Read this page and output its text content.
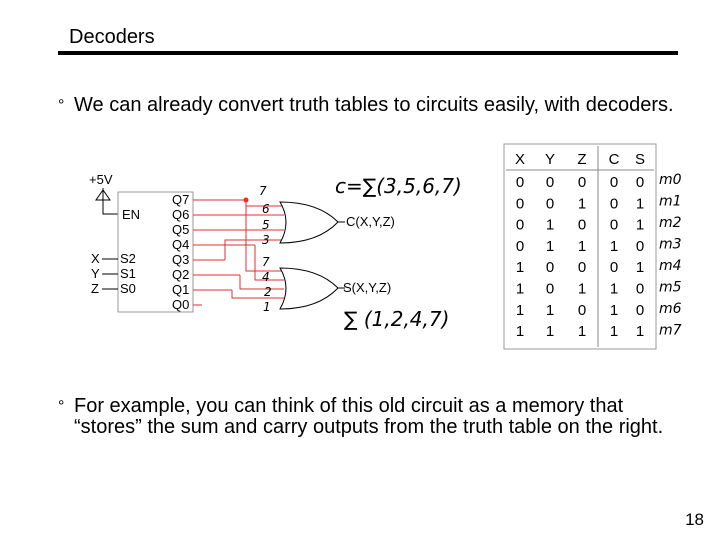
Decoders
° We can already convert truth tables to circuits easily, with decoders.
+5V
EN
X
Y
Z
S2
S1
S0
Q7
Q6
Q5
Q4
Q3
Q2
Q1
Q0
C(X,Y,Z)
S(X,Y,Z)
7
6
5
3
7
4
2
1
c=∑(3,5,6,7)
∑ (1,2,4,7)
X Y Z C S
0 0 0 0 0
0 0 1 0 1
0 1 0 0 1
0 1 1 1 0
1 0 0 0 1
1 0 1 1 0
1 1 0 1 0
1 1 1 1 1
m0
m1
m2
m3
m4
m5
m6
m7
° For example, you can think of this old circuit as a memory that “stores” the sum and carry outputs from the truth table on the right.
18
